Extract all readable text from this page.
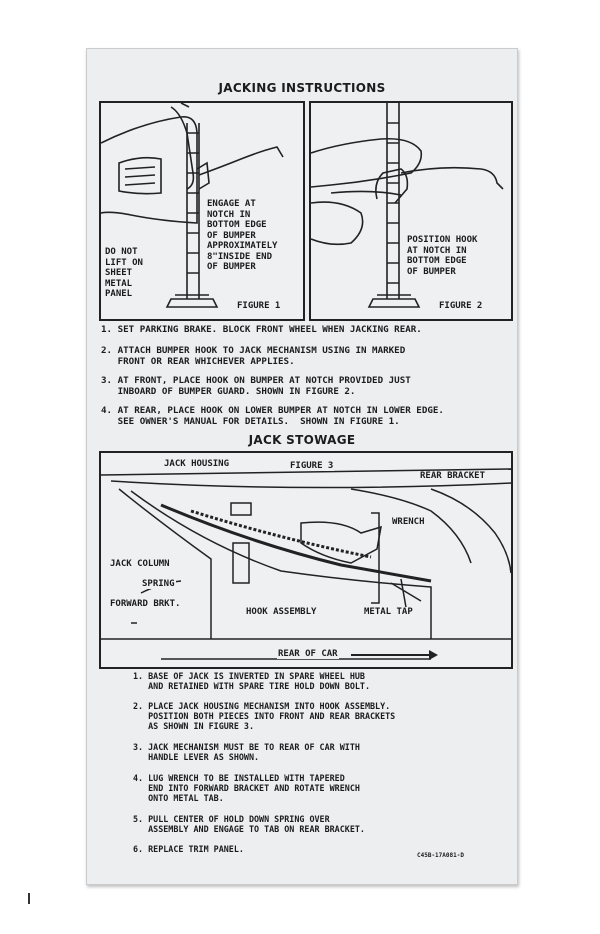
JACKING INSTRUCTIONS
ENGAGE AT
NOTCH IN
BOTTOM EDGE
OF BUMPER
APPROXIMATELY
8"INSIDE END
OF BUMPER
DO NOT
LIFT ON
SHEET
METAL
PANEL
FIGURE 1
POSITION HOOK
AT NOTCH IN
BOTTOM EDGE
OF BUMPER
FIGURE 2
1. SET PARKING BRAKE. BLOCK FRONT WHEEL WHEN JACKING REAR.
2. ATTACH BUMPER HOOK TO JACK MECHANISM USING IN MARKED
FRONT OR REAR WHICHEVER APPLIES.
3. AT FRONT, PLACE HOOK ON BUMPER AT NOTCH PROVIDED JUST
INBOARD OF BUMPER GUARD. SHOWN IN FIGURE 2.
4. AT REAR, PLACE HOOK ON LOWER BUMPER AT NOTCH IN LOWER EDGE.
SEE OWNER'S MANUAL FOR DETAILS.  SHOWN IN FIGURE 1.
JACK STOWAGE
JACK HOUSING	FIGURE 3
REAR BRACKET
WRENCH
JACK COLUMN
SPRING
FORWARD BRKT.
HOOK ASSEMBLY	METAL TAP
REAR OF CAR
1. BASE OF JACK IS INVERTED IN SPARE WHEEL HUB
AND RETAINED WITH SPARE TIRE HOLD DOWN BOLT.
2. PLACE JACK HOUSING MECHANISM INTO HOOK ASSEMBLY.
POSITION BOTH PIECES INTO FRONT AND REAR BRACKETS
AS SHOWN IN FIGURE 3.
3. JACK MECHANISM MUST BE TO REAR OF CAR WITH
HANDLE LEVER AS SHOWN.
4. LUG WRENCH TO BE INSTALLED WITH TAPERED
END INTO FORWARD BRACKET AND ROTATE WRENCH
ONTO METAL TAB.
5. PULL CENTER OF HOLD DOWN SPRING OVER
ASSEMBLY AND ENGAGE TO TAB ON REAR BRACKET.
6. REPLACE TRIM PANEL.
C45B-17A081-D
